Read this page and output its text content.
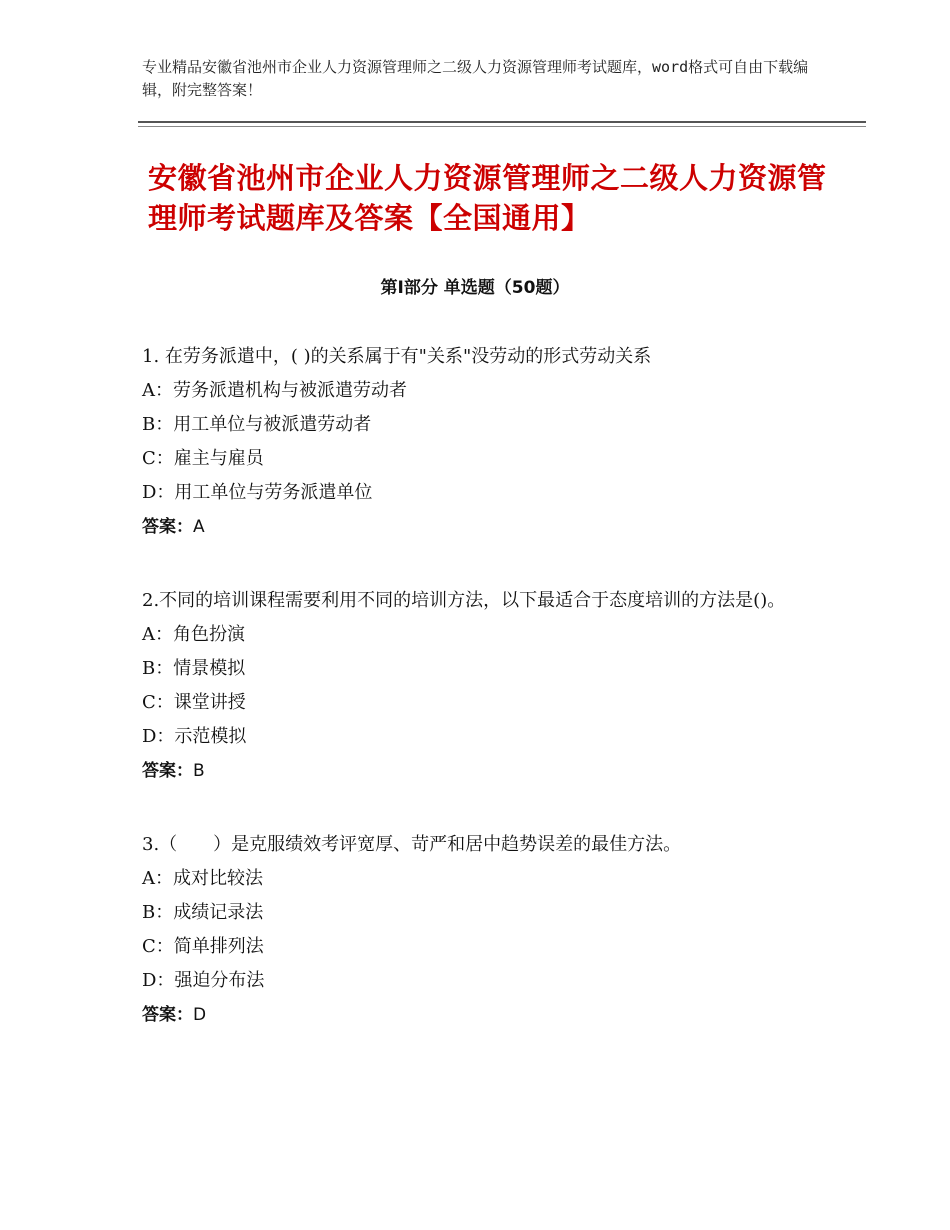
专业精品安徽省池州市企业人力资源管理师之二级人力资源管理师考试题库，word格式可自由下载编辑，附完整答案！
安徽省池州市企业人力资源管理师之二级人力资源管理师考试题库及答案【全国通用】
第Ⅰ部分 单选题（50题）

1. 在劳务派遣中，( )的关系属于有"关系"没劳动的形式劳动关系

A：劳务派遣机构与被派遣劳动者

B：用工单位与被派遣劳动者

C：雇主与雇员

D：用工单位与劳务派遣单位

答案：A

2.不同的培训课程需要利用不同的培训方法，以下最适合于态度培训的方法是()。

A：角色扮演

B：情景模拟

C：课堂讲授

D：示范模拟

答案：B

3.（　　）是克服绩效考评宽厚、苛严和居中趋势误差的最佳方法。

A：成对比较法

B：成绩记录法

C：简单排列法

D：强迫分布法

答案：D
